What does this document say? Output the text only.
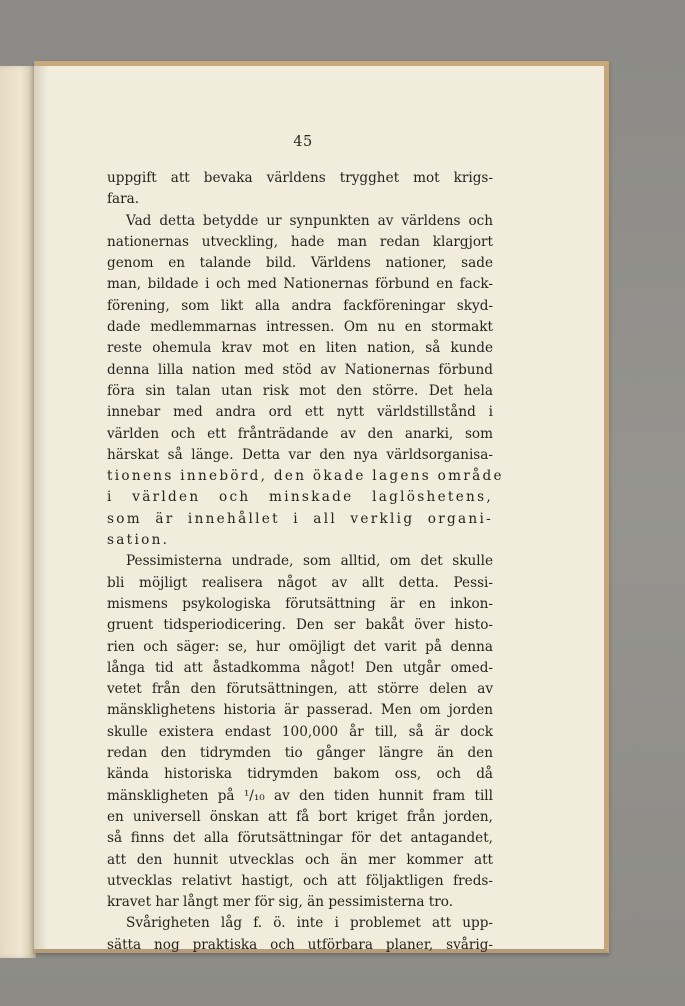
45
uppgift att bevaka världens trygghet mot krigs-
fara.
Vad detta betydde ur synpunkten av världens och
nationernas utveckling, hade man redan klargjort
genom en talande bild. Världens nationer, sade
man, bildade i och med Nationernas förbund en fack-
förening, som likt alla andra fackföreningar skyd-
dade medlemmarnas intressen. Om nu en stormakt
reste ohemula krav mot en liten nation, så kunde
denna lilla nation med stöd av Nationernas förbund
föra sin talan utan risk mot den större. Det hela
innebar med andra ord ett nytt världstillstånd i
världen och ett frånträdande av den anarki, som
härskat så länge. Detta var den nya världsorganisa-
tionens innebörd, den ökade lagens område
i världen och minskade laglöshetens,
som är innehållet i all verklig organi-
sation.
Pessimisterna undrade, som alltid, om det skulle
bli möjligt realisera något av allt detta. Pessi-
mismens psykologiska förutsättning är en inkon-
gruent tidsperiodicering. Den ser bakåt över histo-
rien och säger: se, hur omöjligt det varit på denna
långa tid att åstadkomma något! Den utgår omed-
vetet från den förutsättningen, att större delen av
mänsklighetens historia är passerad. Men om jorden
skulle existera endast 100,000 år till, så är dock
redan den tidrymden tio gånger längre än den
kända historiska tidrymden bakom oss, och då
mänskligheten på ¹/₁₀ av den tiden hunnit fram till
en universell önskan att få bort kriget från jorden,
så finns det alla förutsättningar för det antagandet,
att den hunnit utvecklas och än mer kommer att
utvecklas relativt hastigt, och att följaktligen freds-
kravet har långt mer för sig, än pessimisterna tro.
Svårigheten låg f. ö. inte i problemet att upp-
sätta nog praktiska och utförbara planer, svårig-
